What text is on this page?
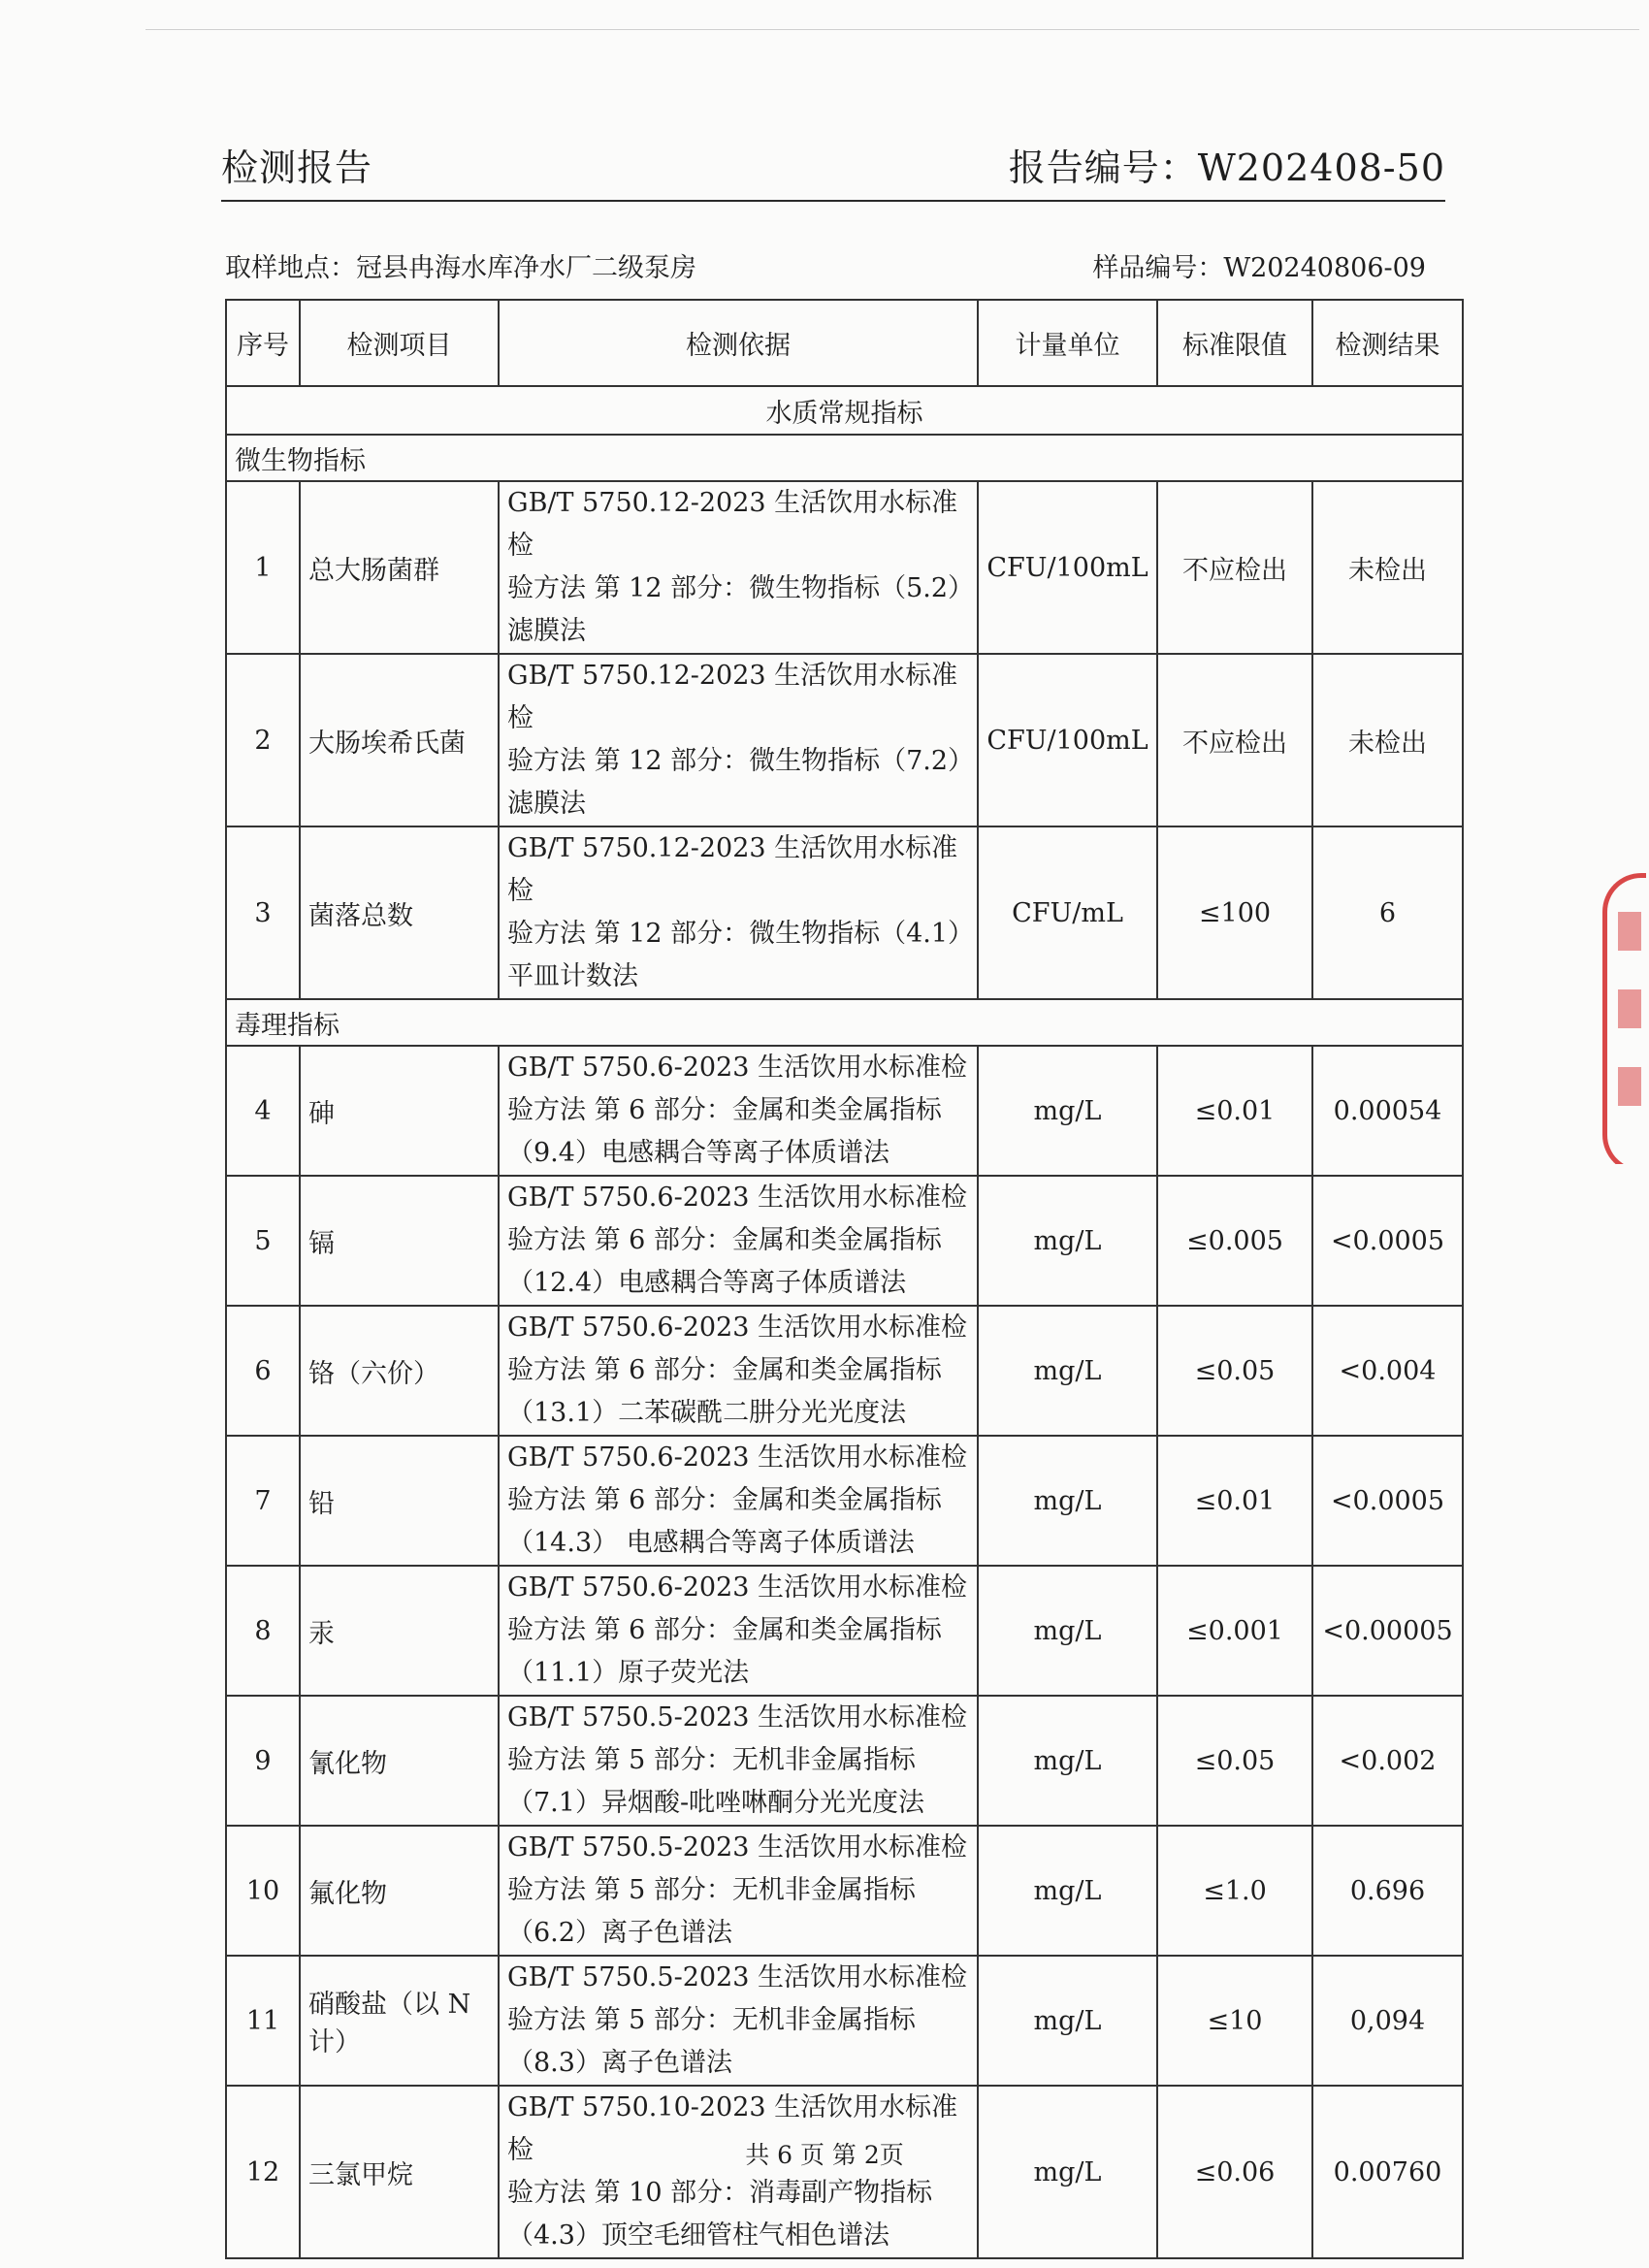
检测报告	报告编号：W202408-50
取样地点：冠县冉海水库净水厂二级泵房	样品编号：W20240806-09
序号	检测项目	检测依据	计量单位	标准限值	检测结果
水质常规指标					
微生物指标					
1	总大肠菌群	GB/T 5750.12-2023 生活饮用水标准检
验方法 第 12 部分：微生物指标（5.2）
滤膜法	CFU/100mL	不应检出	未检出
2	大肠埃希氏菌	GB/T 5750.12-2023 生活饮用水标准检
验方法 第 12 部分：微生物指标（7.2）
滤膜法	CFU/100mL	不应检出	未检出
3	菌落总数	GB/T 5750.12-2023 生活饮用水标准检
验方法 第 12 部分：微生物指标（4.1）
平皿计数法	CFU/mL	≤100	6
毒理指标					
4	砷	GB/T 5750.6-2023 生活饮用水标准检
验方法 第 6 部分：金属和类金属指标
（9.4）电感耦合等离子体质谱法	mg/L	≤0.01	0.00054
5	镉	GB/T 5750.6-2023 生活饮用水标准检
验方法 第 6 部分：金属和类金属指标
（12.4）电感耦合等离子体质谱法	mg/L	≤0.005	<0.0005
6	铬（六价）	GB/T 5750.6-2023 生活饮用水标准检
验方法 第 6 部分：金属和类金属指标
（13.1）二苯碳酰二肼分光光度法	mg/L	≤0.05	<0.004
7	铅	GB/T 5750.6-2023 生活饮用水标准检
验方法 第 6 部分：金属和类金属指标
（14.3） 电感耦合等离子体质谱法	mg/L	≤0.01	<0.0005
8	汞	GB/T 5750.6-2023 生活饮用水标准检
验方法 第 6 部分：金属和类金属指标
（11.1）原子荧光法	mg/L	≤0.001	<0.00005
9	氰化物	GB/T 5750.5-2023 生活饮用水标准检
验方法 第 5 部分：无机非金属指标
（7.1）异烟酸-吡唑啉酮分光光度法	mg/L	≤0.05	<0.002
10	氟化物	GB/T 5750.5-2023 生活饮用水标准检
验方法 第 5 部分：无机非金属指标
（6.2）离子色谱法	mg/L	≤1.0	0.696
11	硝酸盐（以 N 计）	GB/T 5750.5-2023 生活饮用水标准检
验方法 第 5 部分：无机非金属指标
（8.3）离子色谱法	mg/L	≤10	0,094
12	三氯甲烷	GB/T 5750.10-2023 生活饮用水标准检
验方法 第 10 部分：消毒副产物指标
（4.3）顶空毛细管柱气相色谱法	mg/L	≤0.06	0.00760
共 6 页 第 2页
